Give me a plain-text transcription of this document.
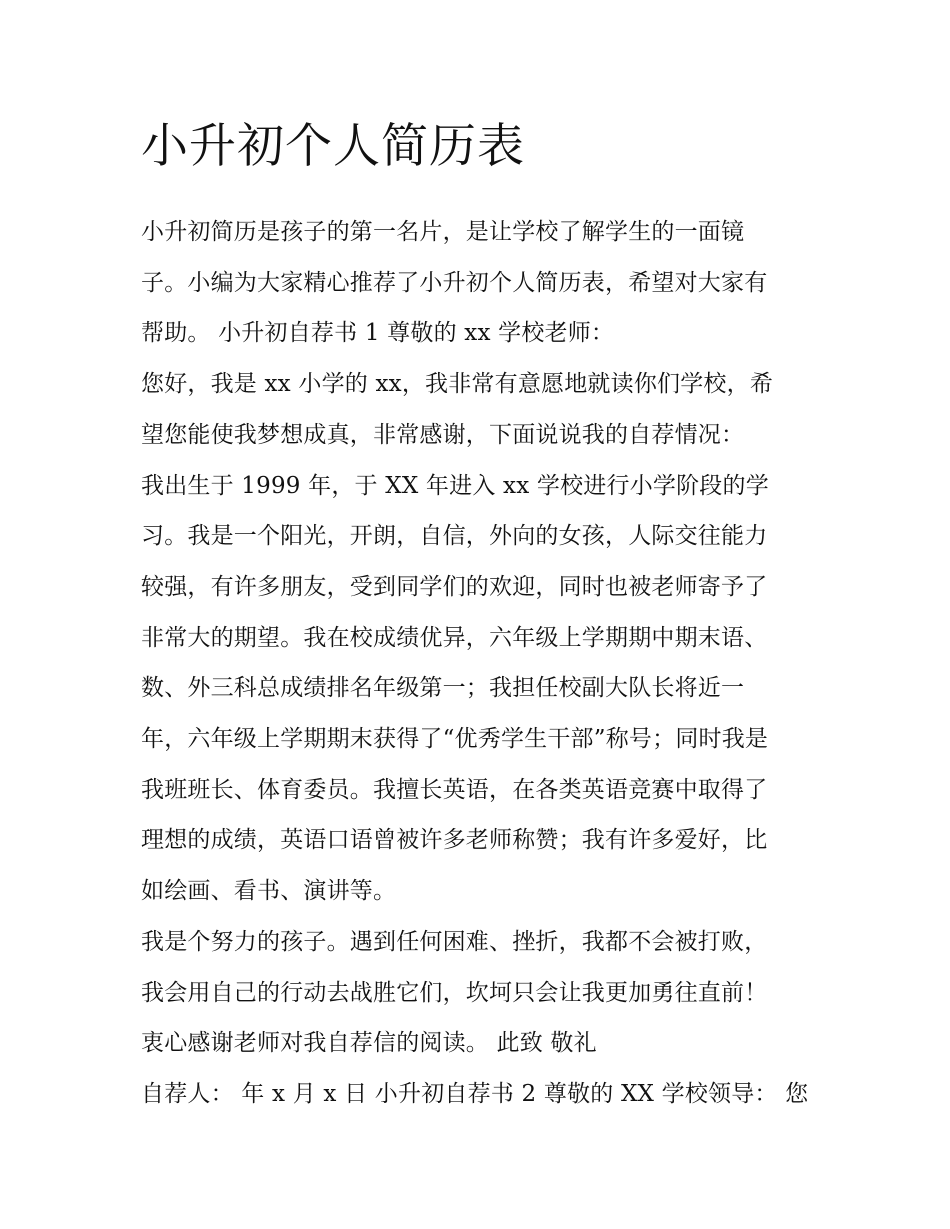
小升初个人简历表
小升初简历是孩子的第一名片，是让学校了解学生的一面镜
子。小编为大家精心推荐了小升初个人简历表，希望对大家有
帮助。 小升初自荐书 1 尊敬的 xx 学校老师：
您好，我是 xx 小学的 xx，我非常有意愿地就读你们学校，希
望您能使我梦想成真，非常感谢，下面说说我的自荐情况：
我出生于 1999 年，于 XX 年进入 xx 学校进行小学阶段的学
习。我是一个阳光，开朗，自信，外向的女孩，人际交往能力
较强，有许多朋友，受到同学们的欢迎，同时也被老师寄予了
非常大的期望。我在校成绩优异，六年级上学期期中期末语、
数、外三科总成绩排名年级第一；我担任校副大队长将近一
年，六年级上学期期末获得了“优秀学生干部”称号；同时我是
我班班长、体育委员。我擅长英语，在各类英语竞赛中取得了
理想的成绩，英语口语曾被许多老师称赞；我有许多爱好，比
如绘画、看书、演讲等。
我是个努力的孩子。遇到任何困难、挫折，我都不会被打败，
我会用自己的行动去战胜它们，坎坷只会让我更加勇往直前！
衷心感谢老师对我自荐信的阅读。 此致 敬礼
自荐人： 年 x 月 x 日 小升初自荐书 2 尊敬的 XX 学校领导： 您
